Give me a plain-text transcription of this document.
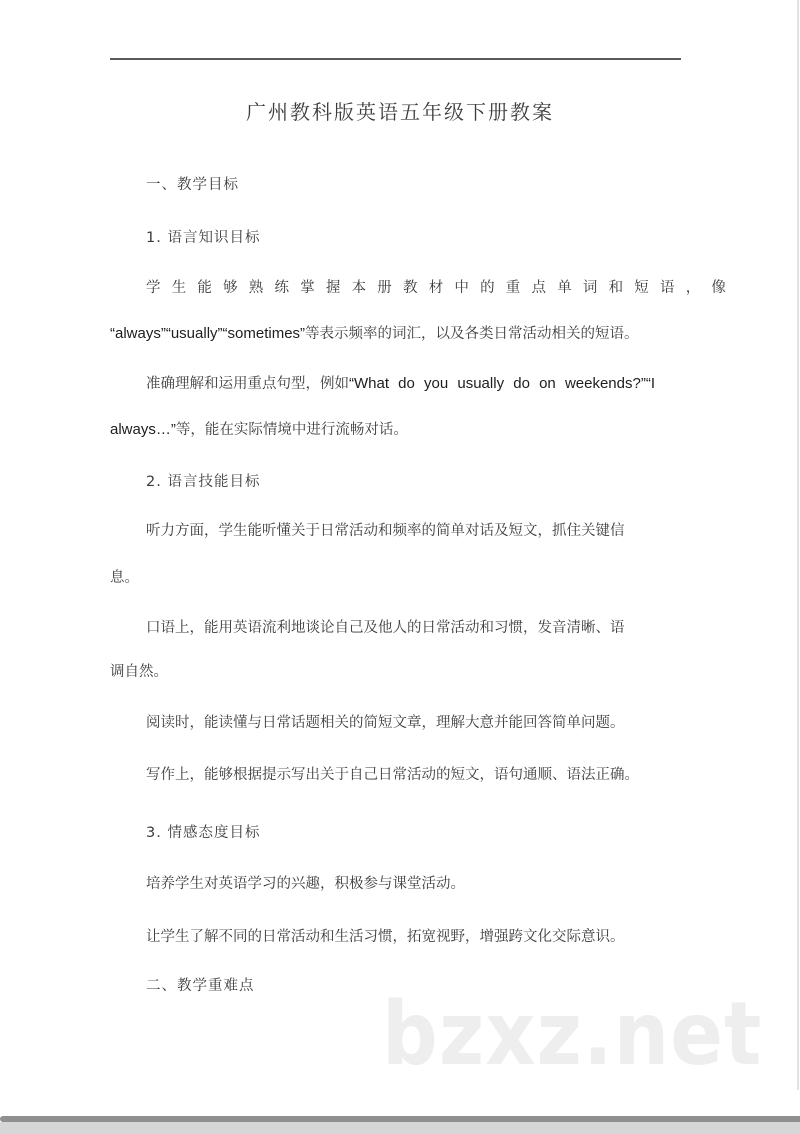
广州教科版英语五年级下册教案
一、教学目标
1. 语言知识目标
学生能够熟练掌握本册教材中的重点单词和短语，像
“always”“usually”“sometimes”等表示频率的词汇，以及各类日常活动相关的短语。
准确理解和运用重点句型，例如“What do you usually do on weekends?”“I
always…”等，能在实际情境中进行流畅对话。
2. 语言技能目标
听力方面，学生能听懂关于日常活动和频率的简单对话及短文，抓住关键信
息。
口语上，能用英语流利地谈论自己及他人的日常活动和习惯，发音清晰、语
调自然。
阅读时，能读懂与日常话题相关的简短文章，理解大意并能回答简单问题。
写作上，能够根据提示写出关于自己日常活动的短文，语句通顺、语法正确。
3. 情感态度目标
培养学生对英语学习的兴趣，积极参与课堂活动。
让学生了解不同的日常活动和生活习惯，拓宽视野，增强跨文化交际意识。
二、教学重难点	bzxz.net
